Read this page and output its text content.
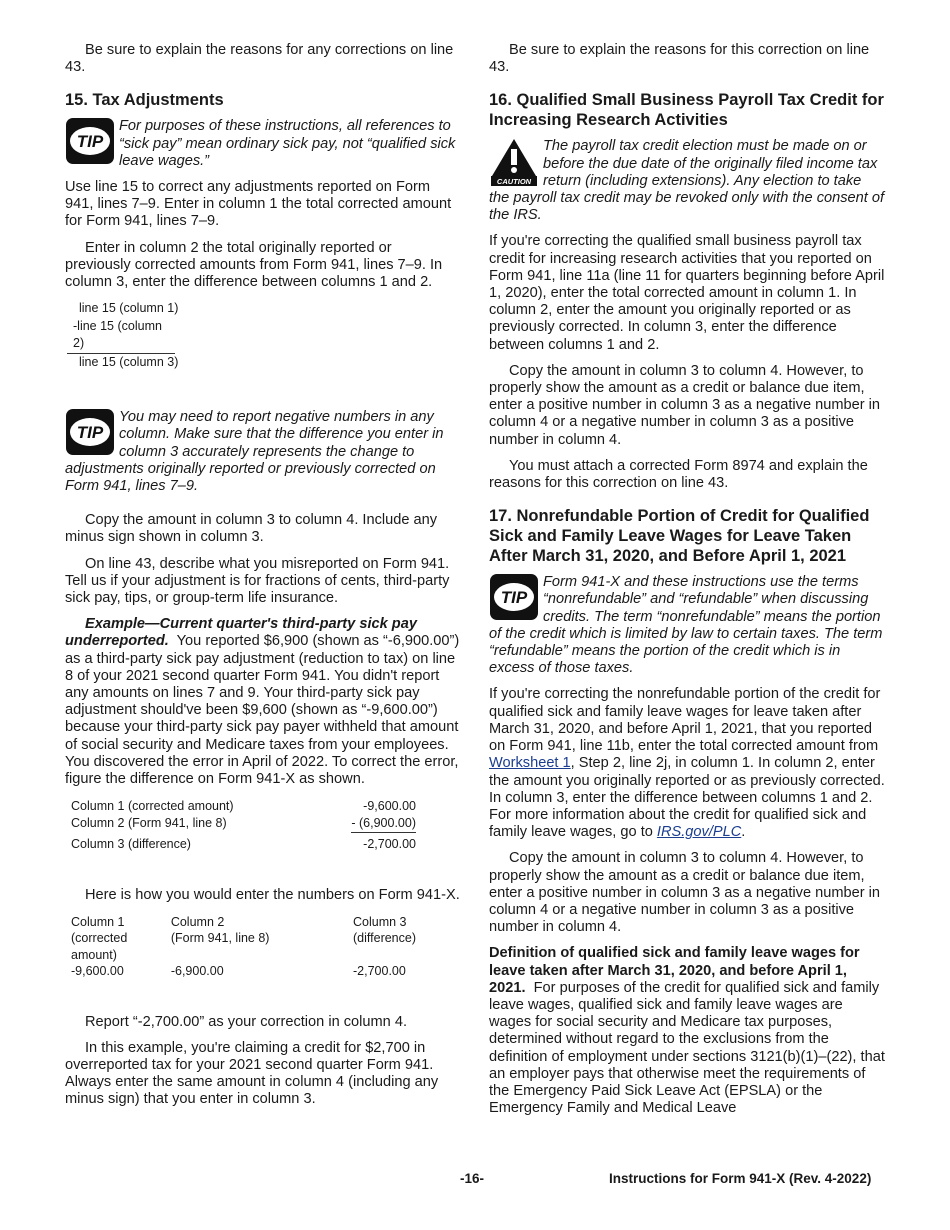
Be sure to explain the reasons for any corrections on line 43.

15. Tax Adjustments
TIP
For purposes of these instructions, all references to “sick pay” mean ordinary sick pay, not “qualified sick leave wages.”

Use line 15 to correct any adjustments reported on Form 941, lines 7–9. Enter in column 1 the total corrected amount for Form 941, lines 7–9.

Enter in column 2 the total originally reported or previously corrected amounts from Form 941, lines 7–9. In column 3, enter the difference between columns 1 and 2.

line 15 (column 1)
-line 15 (column 2)
line 15 (column 3)
TIP
You may need to report negative numbers in any column. Make sure that the difference you enter in column 3 accurately represents the change to adjustments originally reported or previously corrected on Form 941, lines 7–9.

Copy the amount in column 3 to column 4. Include any minus sign shown in column 3.

On line 43, describe what you misreported on Form 941. Tell us if your adjustment is for fractions of cents, third-party sick pay, tips, or group-term life insurance.

Example—Current quarter's third-party sick pay underreported. You reported $6,900 (shown as “-6,900.00”) as a third-party sick pay adjustment (reduction to tax) on line 8 of your 2021 second quarter Form 941. You didn't report any amounts on lines 7 and 9. Your third-party sick pay adjustment should've been $9,600 (shown as “-9,600.00”) because your third-party sick pay payer withheld that amount of social security and Medicare taxes from your employees. You discovered the error in April of 2022. To correct the error, figure the difference on Form 941-X as shown.

Column 1 (corrected amount)	-9,600.00
Column 2 (Form 941, line 8)	- (6,900.00)
Column 3 (difference)	-2,700.00

Here is how you would enter the numbers on Form 941-X.

Column 1	Column 2	Column 3
(corrected amount)	(Form 941, line 8)	(difference)
-9,600.00	-6,900.00	-2,700.00

Report “-2,700.00” as your correction in column 4.

In this example, you're claiming a credit for $2,700 in overreported tax for your 2021 second quarter Form 941. Always enter the same amount in column 4 (including any minus sign) that you enter in column 3.

Be sure to explain the reasons for this correction on line 43.

16. Qualified Small Business Payroll Tax Credit for Increasing Research Activities
CAUTION
The payroll tax credit election must be made on or before the due date of the originally filed income tax return (including extensions). Any election to take the payroll tax credit may be revoked only with the consent of the IRS.

If you're correcting the qualified small business payroll tax credit for increasing research activities that you reported on Form 941, line 11a (line 11 for quarters beginning before April 1, 2020), enter the total corrected amount in column 1. In column 2, enter the amount you originally reported or as previously corrected. In column 3, enter the difference between columns 1 and 2.

Copy the amount in column 3 to column 4. However, to properly show the amount as a credit or balance due item, enter a positive number in column 3 as a negative number in column 4 or a negative number in column 3 as a positive number in column 4.

You must attach a corrected Form 8974 and explain the reasons for this correction on line 43.

17. Nonrefundable Portion of Credit for Qualified Sick and Family Leave Wages for Leave Taken After March 31, 2020, and Before April 1, 2021
TIP
Form 941-X and these instructions use the terms “nonrefundable” and “refundable” when discussing credits. The term “nonrefundable” means the portion of the credit which is limited by law to certain taxes. The term “refundable” means the portion of the credit which is in excess of those taxes.

If you're correcting the nonrefundable portion of the credit for qualified sick and family leave wages for leave taken after March 31, 2020, and before April 1, 2021, that you reported on Form 941, line 11b, enter the total corrected amount from Worksheet 1, Step 2, line 2j, in column 1. In column 2, enter the amount you originally reported or as previously corrected. In column 3, enter the difference between columns 1 and 2. For more information about the credit for qualified sick and family leave wages, go to IRS.gov/PLC.

Copy the amount in column 3 to column 4. However, to properly show the amount as a credit or balance due item, enter a positive number in column 3 as a negative number in column 4 or a negative number in column 3 as a positive number in column 4.

Definition of qualified sick and family leave wages for leave taken after March 31, 2020, and before April 1, 2021. For purposes of the credit for qualified sick and family leave wages, qualified sick and family leave wages are wages for social security and Medicare tax purposes, determined without regard to the exclusions from the definition of employment under sections 3121(b)(1)–(22), that an employer pays that otherwise meet the requirements of the Emergency Paid Sick Leave Act (EPSLA) or the Emergency Family and Medical Leave

-16-	Instructions for Form 941-X (Rev. 4-2022)
